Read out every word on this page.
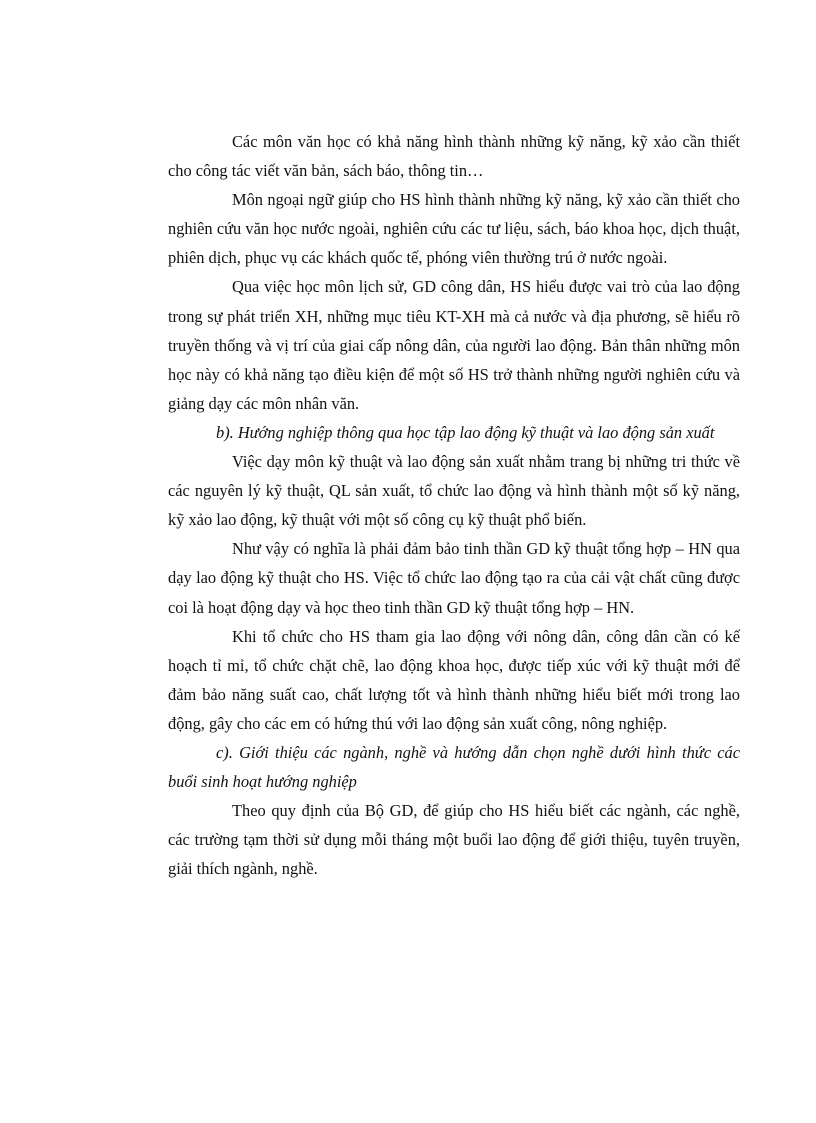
Các môn văn học có khả năng hình thành những kỹ năng, kỹ xảo cần thiết cho công tác viết văn bản, sách báo, thông tin…

Môn ngoại ngữ giúp cho HS hình thành những kỹ năng, kỹ xảo cần thiết cho nghiên cứu văn học nước ngoài, nghiên cứu các tư liệu, sách, báo khoa học, dịch thuật, phiên dịch, phục vụ các khách quốc tế, phóng viên thường trú ở nước ngoài.

Qua việc học môn lịch sử, GD công dân, HS hiểu được vai trò của lao động trong sự phát triển XH, những mục tiêu KT-XH mà cả nước và địa phương, sẽ hiểu rõ truyền thống và vị trí của giai cấp nông dân, của người lao động. Bản thân những môn học này có khả năng tạo điều kiện để một số HS trở thành những người nghiên cứu và giảng dạy các môn nhân văn.

b). Hướng nghiệp thông qua học tập lao động kỹ thuật và lao động sản xuất

Việc dạy môn kỹ thuật và lao động sản xuất nhằm trang bị những tri thức về các nguyên lý kỹ thuật, QL sản xuất, tổ chức lao động và hình thành một số kỹ năng, kỹ xảo lao động, kỹ thuật với một số công cụ kỹ thuật phổ biến.

Như vậy có nghĩa là phải đảm bảo tinh thần GD kỹ thuật tổng hợp – HN qua dạy lao động kỹ thuật cho HS. Việc tổ chức lao động tạo ra của cải vật chất cũng được coi là hoạt động dạy và học theo tinh thần GD kỹ thuật tổng hợp – HN.

Khi tổ chức cho HS tham gia lao động với nông dân, công dân cần có kế hoạch tỉ mỉ, tổ chức chặt chẽ, lao động khoa học, được tiếp xúc với kỹ thuật mới để đảm bảo năng suất cao, chất lượng tốt và hình thành những hiểu biết mới trong lao động, gây cho các em có hứng thú với lao động sản xuất công, nông nghiệp.

c). Giới thiệu các ngành, nghề và hướng dẫn chọn nghề dưới hình thức các buổi sinh hoạt hướng nghiệp

Theo quy định của Bộ GD, để giúp cho HS hiểu biết các ngành, các nghề, các trường tạm thời sử dụng mỗi tháng một buổi lao động để giới thiệu, tuyên truyền, giải thích ngành, nghề.
